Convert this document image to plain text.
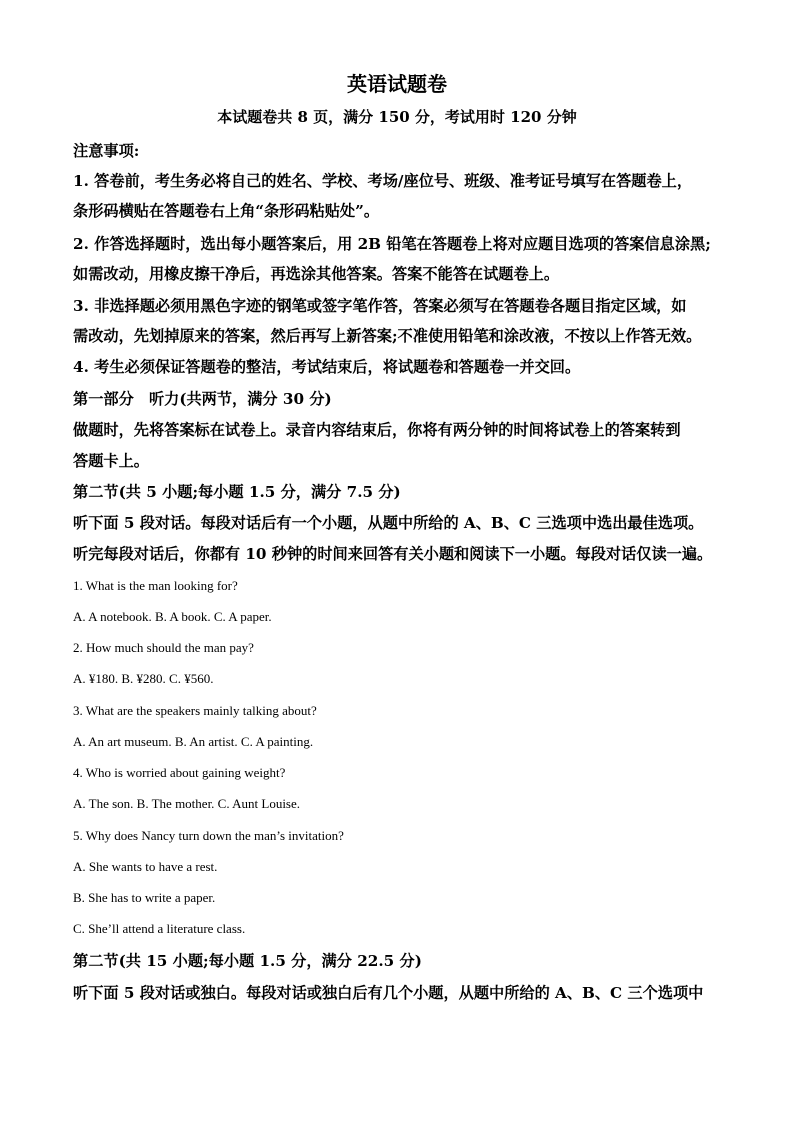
英语试题卷
本试题卷共 8 页，满分 150 分，考试用时 120 分钟
注意事项:
1. 答卷前，考生务必将自己的姓名、学校、考场/座位号、班级、准考证号填写在答题卷上，
条形码横贴在答题卷右上角“条形码粘贴处”。
2. 作答选择题时，选出每小题答案后，用 2B 铅笔在答题卷上将对应题目选项的答案信息涂黑;
如需改动，用橡皮擦干净后，再选涂其他答案。答案不能答在试题卷上。
3. 非选择题必须用黑色字迹的钢笔或签字笔作答，答案必须写在答题卷各题目指定区域，如
需改动，先划掉原来的答案，然后再写上新答案;不准使用铅笔和涂改液，不按以上作答无效。
4. 考生必须保证答题卷的整洁，考试结束后，将试题卷和答题卷一并交回。
第一部分　听力(共两节，满分 30 分)
做题时，先将答案标在试卷上。录音内容结束后，你将有两分钟的时间将试卷上的答案转到
答题卡上。
第二节(共 5 小题;每小题 1.5 分，满分 7.5 分)
听下面 5 段对话。每段对话后有一个小题，从题中所给的 A、B、C 三选项中选出最佳选项。
听完每段对话后，你都有 10 秒钟的时间来回答有关小题和阅读下一小题。每段对话仅读一遍。
1. What is the man looking for?
A. A notebook. B. A book. C. A paper.
2. How much should the man pay?
A. ¥180. B. ¥280. C. ¥560.
3. What are the speakers mainly talking about?
A. An art museum. B. An artist. C. A painting.
4. Who is worried about gaining weight?
A. The son. B. The mother. C. Aunt Louise.
5. Why does Nancy turn down the man’s invitation?
A. She wants to have a rest.
B. She has to write a paper.
C. She’ll attend a literature class.
第二节(共 15 小题;每小题 1.5 分，满分 22.5 分)
听下面 5 段对话或独白。每段对话或独白后有几个小题，从题中所给的 A、B、C 三个选项中
